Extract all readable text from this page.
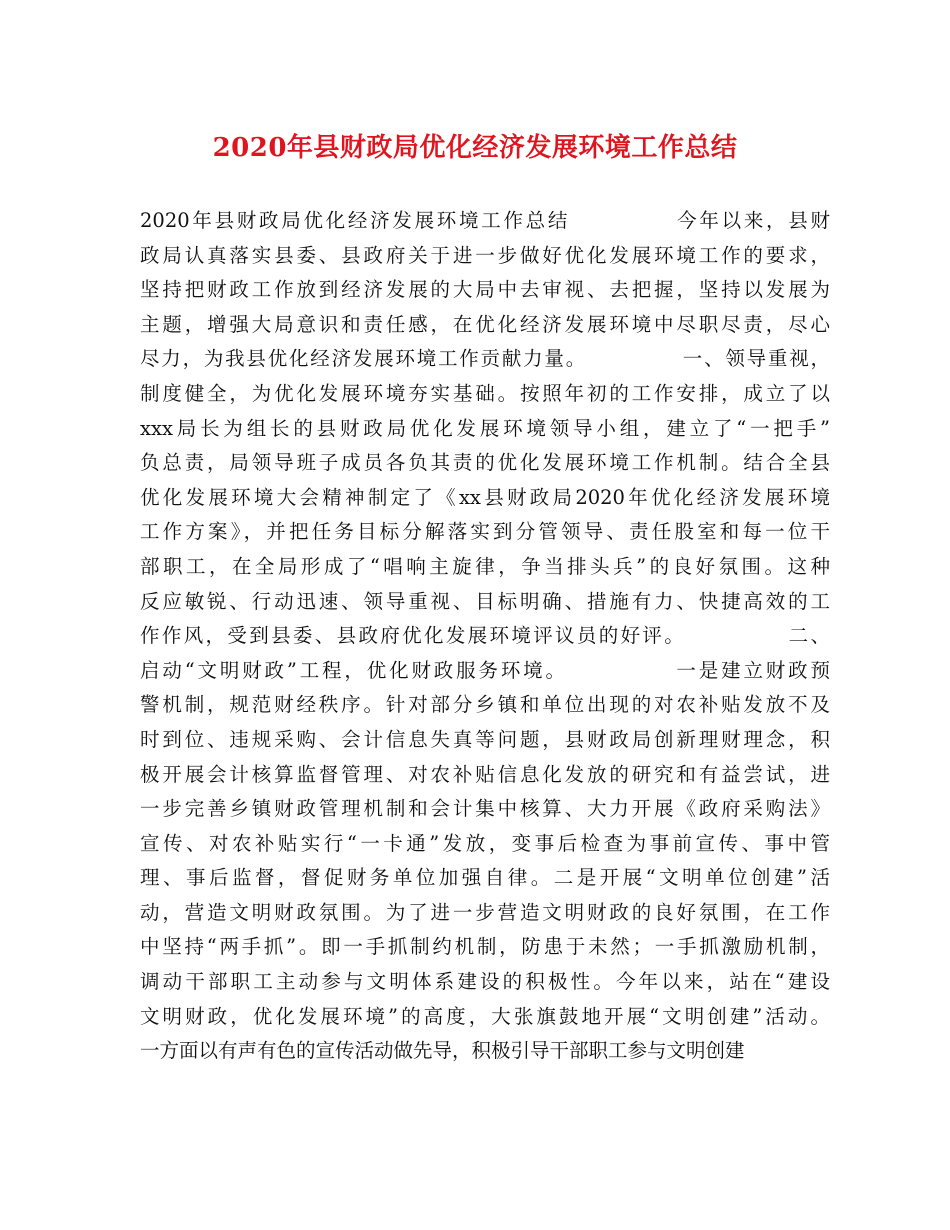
2020年县财政局优化经济发展环境工作总结
2020年县财政局优化经济发展环境工作总结            今年以来，县财
政局认真落实县委、县政府关于进一步做好优化发展环境工作的要求，
坚持把财政工作放到经济发展的大局中去审视、去把握，坚持以发展为
主题，增强大局意识和责任感，在优化经济发展环境中尽职尽责，尽心
尽力，为我县优化经济发展环境工作贡献力量。            一、领导重视，
制度健全，为优化发展环境夯实基础。按照年初的工作安排，成立了以
xxx局长为组长的县财政局优化发展环境领导小组，建立了“一把手”
负总责，局领导班子成员各负其责的优化发展环境工作机制。结合全县
优化发展环境大会精神制定了《xx县财政局2020年优化经济发展环境
工作方案》，并把任务目标分解落实到分管领导、责任股室和每一位干
部职工，在全局形成了“唱响主旋律，争当排头兵”的良好氛围。这种
反应敏锐、行动迅速、领导重视、目标明确、措施有力、快捷高效的工
作作风，受到县委、县政府优化发展环境评议员的好评。            二、
启动“文明财政”工程，优化财政服务环境。            一是建立财政预
警机制，规范财经秩序。针对部分乡镇和单位出现的对农补贴发放不及
时到位、违规采购、会计信息失真等问题，县财政局创新理财理念，积
极开展会计核算监督管理、对农补贴信息化发放的研究和有益尝试，进
一步完善乡镇财政管理机制和会计集中核算、大力开展《政府采购法》
宣传、对农补贴实行“一卡通”发放，变事后检查为事前宣传、事中管
理、事后监督，督促财务单位加强自律。二是开展“文明单位创建”活
动，营造文明财政氛围。为了进一步营造文明财政的良好氛围，在工作
中坚持“两手抓”。即一手抓制约机制，防患于未然；一手抓激励机制，
调动干部职工主动参与文明体系建设的积极性。今年以来，站在“建设
文明财政，优化发展环境”的高度，大张旗鼓地开展“文明创建”活动。
一方面以有声有色的宣传活动做先导，积极引导干部职工参与文明创建
